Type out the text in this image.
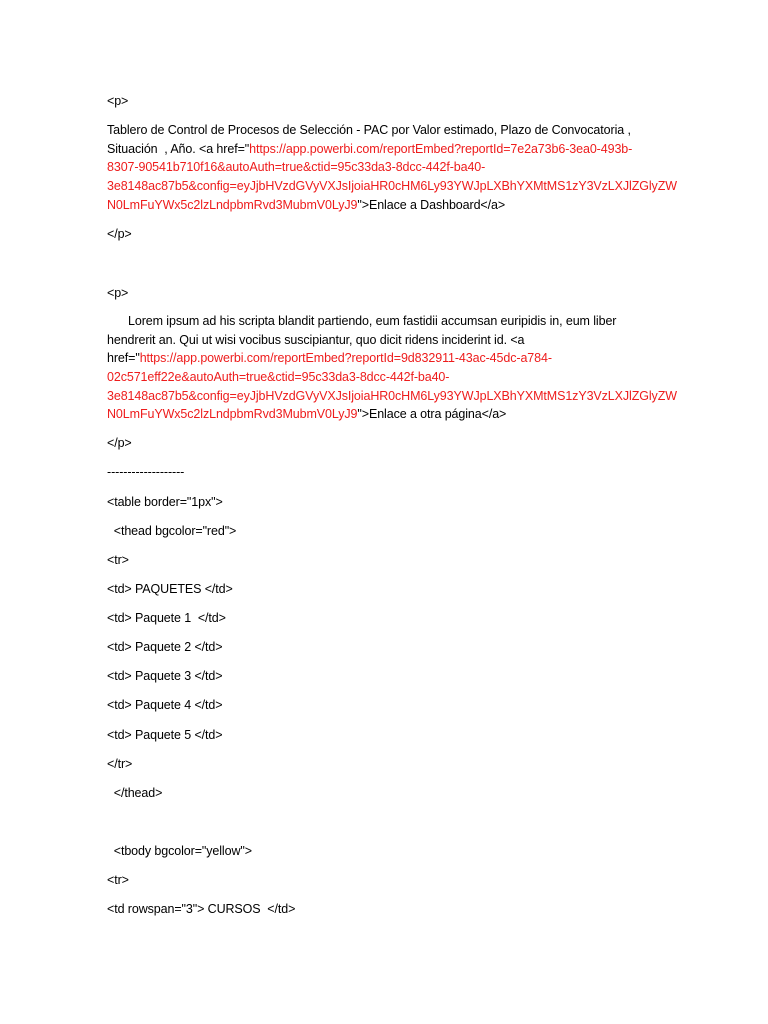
<p>
Tablero de Control de Procesos de Selección - PAC por Valor estimado, Plazo de Convocatoria ,
Situación  , Año. <a href="https://app.powerbi.com/reportEmbed?reportId=7e2a73b6-3ea0-493b-
8307-90541b710f16&autoAuth=true&ctid=95c33da3-8dcc-442f-ba40-
3e8148ac87b5&config=eyJjbHVzdGVyVXJsIjoiaHR0cHM6Ly93YWJpLXBhYXMtMS1zY3VzLXJlZGlyZW
N0LmFuYWx5c2lzLndpbmRvd3MubmV0LyJ9">Enlace a Dashboard</a>
</p>
<p>
Lorem ipsum ad his scripta blandit partiendo, eum fastidii accumsan euripidis in, eum liber
hendrerit an. Qui ut wisi vocibus suscipiantur, quo dicit ridens inciderint id. <a
href="https://app.powerbi.com/reportEmbed?reportId=9d832911-43ac-45dc-a784-
02c571eff22e&autoAuth=true&ctid=95c33da3-8dcc-442f-ba40-
3e8148ac87b5&config=eyJjbHVzdGVyVXJsIjoiaHR0cHM6Ly93YWJpLXBhYXMtMS1zY3VzLXJlZGlyZW
N0LmFuYWx5c2lzLndpbmRvd3MubmV0LyJ9">Enlace a otra página</a>
</p>
-------------------
<table border="1px">
<thead bgcolor="red">
<tr>
<td> PAQUETES </td>
<td> Paquete 1  </td>
<td> Paquete 2 </td>
<td> Paquete 3 </td>
<td> Paquete 4 </td>
<td> Paquete 5 </td>
</tr>
</thead>
<tbody bgcolor="yellow">
<tr>
<td rowspan="3"> CURSOS  </td>
